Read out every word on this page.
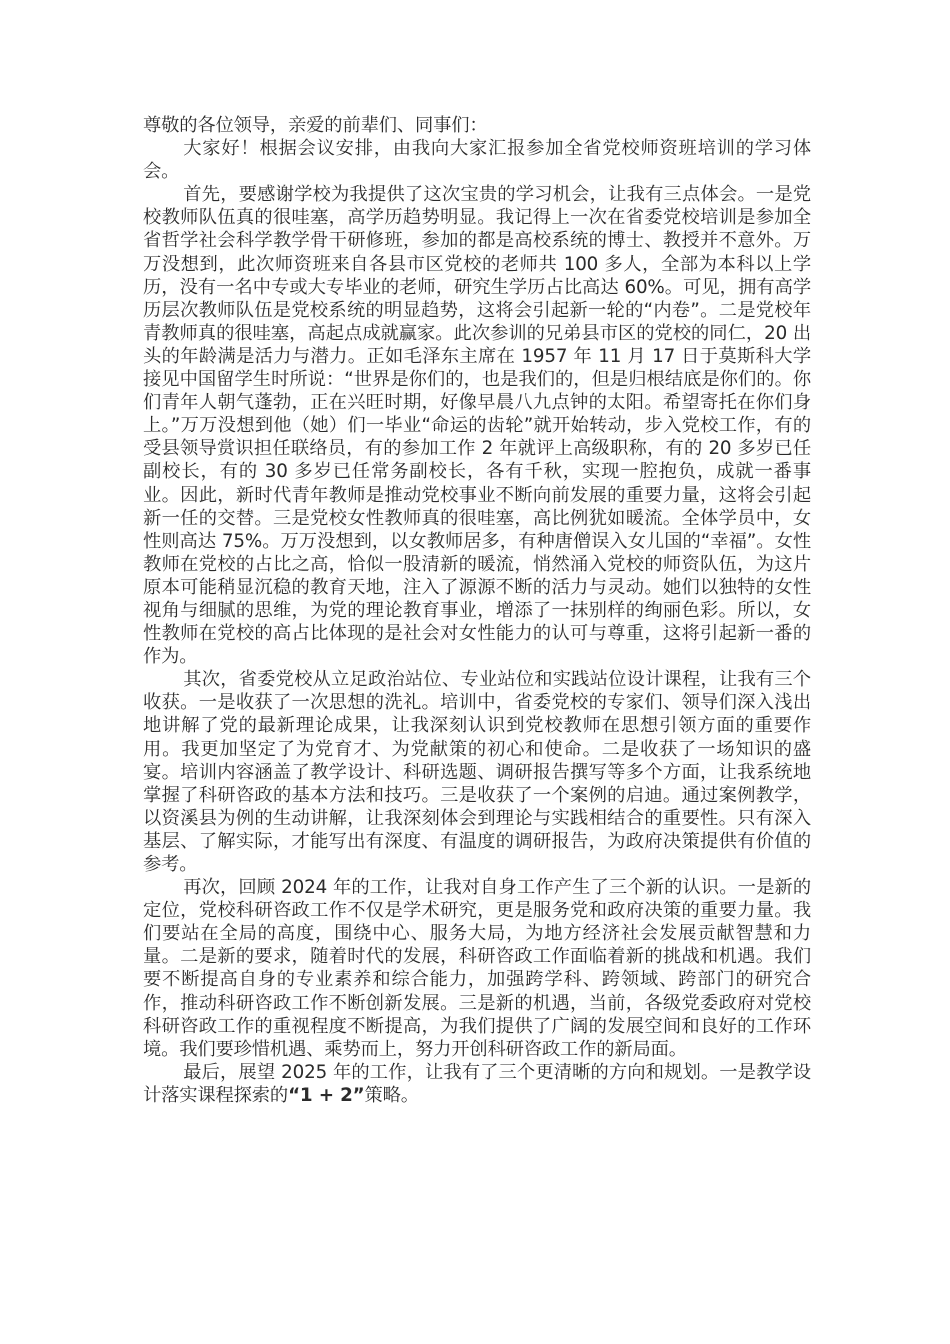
尊敬的各位领导，亲爱的前辈们、同事们：

大家好！根据会议安排，由我向大家汇报参加全省党校师资班培训的学习体会。

首先，要感谢学校为我提供了这次宝贵的学习机会，让我有三点体会。一是党校教师队伍真的很哇塞，高学历趋势明显。我记得上一次在省委党校培训是参加全省哲学社会科学教学骨干研修班，参加的都是高校系统的博士、教授并不意外。万万没想到，此次师资班来自各县市区党校的老师共 100 多人，全部为本科以上学历，没有一名中专或大专毕业的老师，研究生学历占比高达 60%。可见，拥有高学历层次教师队伍是党校系统的明显趋势，这将会引起新一轮的“内卷”。二是党校年青教师真的很哇塞，高起点成就赢家。此次参训的兄弟县市区的党校的同仁，20 出头的年龄满是活力与潜力。正如毛泽东主席在 1957 年 11 月 17 日于莫斯科大学接见中国留学生时所说：“世界是你们的，也是我们的，但是归根结底是你们的。你们青年人朝气蓬勃，正在兴旺时期，好像早晨八九点钟的太阳。希望寄托在你们身上。”万万没想到他（她）们一毕业“命运的齿轮”就开始转动，步入党校工作，有的受县领导赏识担任联络员，有的参加工作 2 年就评上高级职称，有的 20 多岁已任副校长，有的 30 多岁已任常务副校长，各有千秋，实现一腔抱负，成就一番事业。因此，新时代青年教师是推动党校事业不断向前发展的重要力量，这将会引起新一任的交替。三是党校女性教师真的很哇塞，高比例犹如暖流。全体学员中，女性则高达 75%。万万没想到，以女教师居多，有种唐僧误入女儿国的“幸福”。女性教师在党校的占比之高，恰似一股清新的暖流，悄然涌入党校的师资队伍，为这片原本可能稍显沉稳的教育天地，注入了源源不断的活力与灵动。她们以独特的女性视角与细腻的思维，为党的理论教育事业，增添了一抹别样的绚丽色彩。所以，女性教师在党校的高占比体现的是社会对女性能力的认可与尊重，这将引起新一番的作为。

其次，省委党校从立足政治站位、专业站位和实践站位设计课程，让我有三个收获。一是收获了一次思想的洗礼。培训中，省委党校的专家们、领导们深入浅出地讲解了党的最新理论成果，让我深刻认识到党校教师在思想引领方面的重要作用。我更加坚定了为党育才、为党献策的初心和使命。二是收获了一场知识的盛宴。培训内容涵盖了教学设计、科研选题、调研报告撰写等多个方面，让我系统地掌握了科研咨政的基本方法和技巧。三是收获了一个案例的启迪。通过案例教学，以资溪县为例的生动讲解，让我深刻体会到理论与实践相结合的重要性。只有深入基层、了解实际，才能写出有深度、有温度的调研报告，为政府决策提供有价值的参考。

再次，回顾 2024 年的工作，让我对自身工作产生了三个新的认识。一是新的定位，党校科研咨政工作不仅是学术研究，更是服务党和政府决策的重要力量。我们要站在全局的高度，围绕中心、服务大局，为地方经济社会发展贡献智慧和力量。二是新的要求，随着时代的发展，科研咨政工作面临着新的挑战和机遇。我们要不断提高自身的专业素养和综合能力，加强跨学科、跨领域、跨部门的研究合作，推动科研咨政工作不断创新发展。三是新的机遇，当前，各级党委政府对党校科研咨政工作的重视程度不断提高，为我们提供了广阔的发展空间和良好的工作环境。我们要珍惜机遇、乘势而上，努力开创科研咨政工作的新局面。

最后，展望 2025 年的工作，让我有了三个更清晰的方向和规划。一是教学设计落实课程探索的“1 + 2”策略。
